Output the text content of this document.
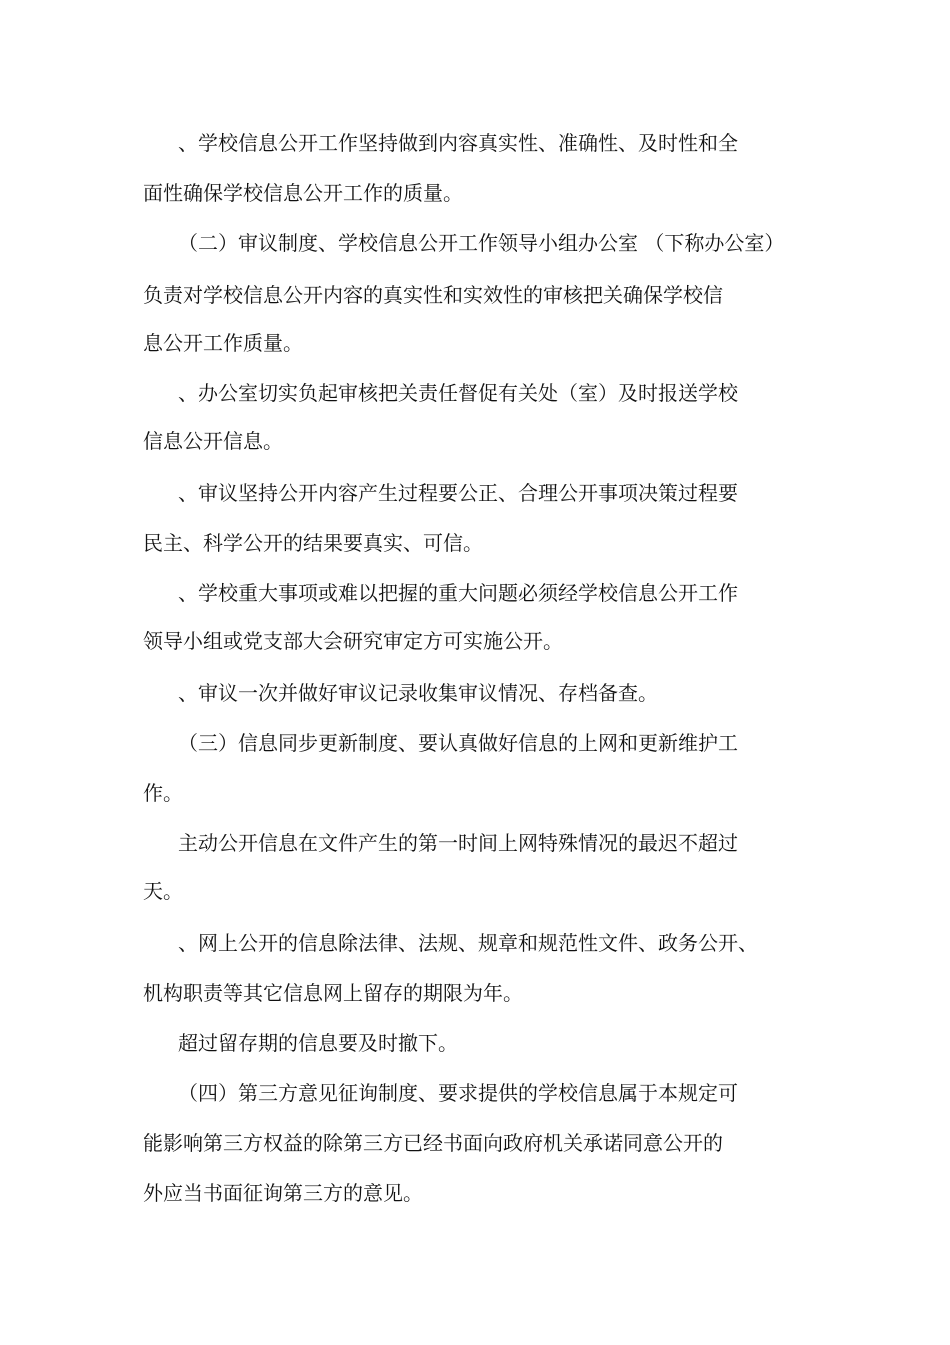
、学校信息公开工作坚持做到内容真实性、准确性、及时性和全
面性确保学校信息公开工作的质量。
（二）审议制度、学校信息公开工作领导小组办公室 （下称办公室）
负责对学校信息公开内容的真实性和实效性的审核把关确保学校信
息公开工作质量。
、办公室切实负起审核把关责任督促有关处（室）及时报送学校
信息公开信息。
、审议坚持公开内容产生过程要公正、合理公开事项决策过程要
民主、科学公开的结果要真实、可信。
、学校重大事项或难以把握的重大问题必须经学校信息公开工作
领导小组或党支部大会研究审定方可实施公开。
、审议一次并做好审议记录收集审议情况、存档备查。
（三）信息同步更新制度、要认真做好信息的上网和更新维护工
作。
主动公开信息在文件产生的第一时间上网特殊情况的最迟不超过
天。
、网上公开的信息除法律、法规、规章和规范性文件、政务公开、
机构职责等其它信息网上留存的期限为年。
超过留存期的信息要及时撤下。
（四）第三方意见征询制度、要求提供的学校信息属于本规定可
能影响第三方权益的除第三方已经书面向政府机关承诺同意公开的
外应当书面征询第三方的意见。
